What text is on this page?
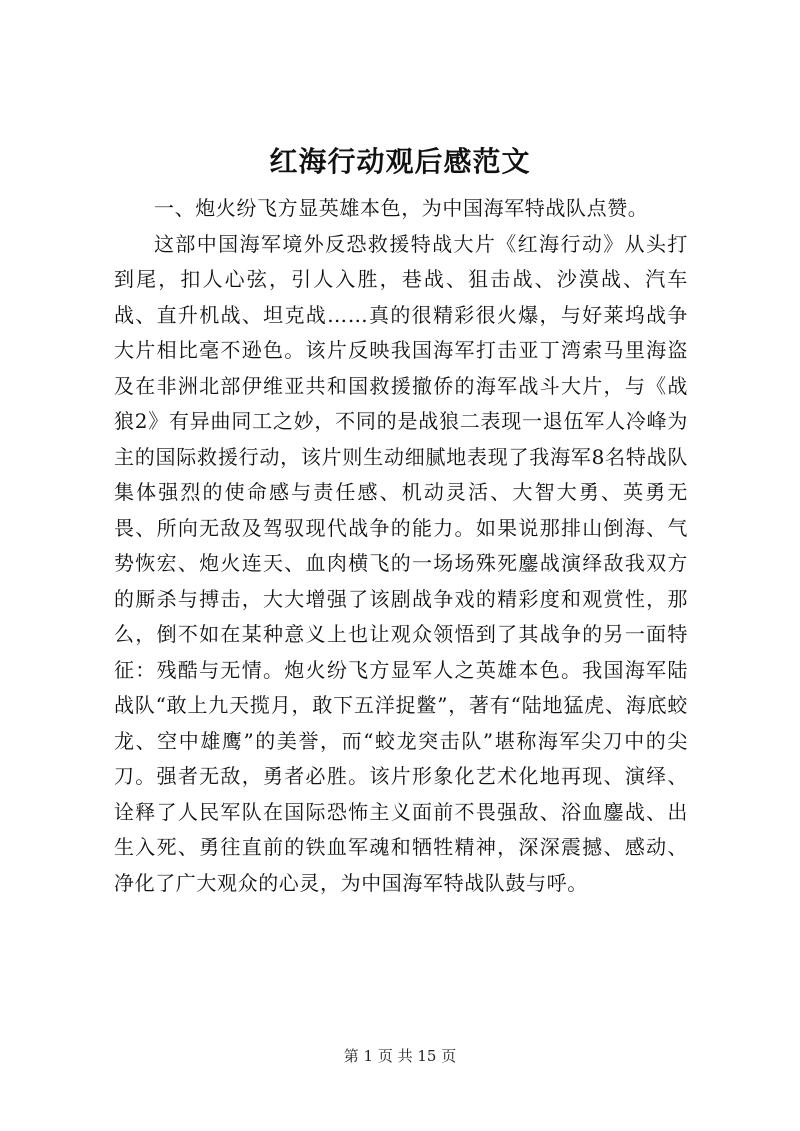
红海行动观后感范文

一、炮火纷飞方显英雄本色，为中国海军特战队点赞。

这部中国海军境外反恐救援特战大片《红海行动》从头打到尾，扣人心弦，引人入胜，巷战、狙击战、沙漠战、汽车战、直升机战、坦克战……真的很精彩很火爆，与好莱坞战争大片相比毫不逊色。该片反映我国海军打击亚丁湾索马里海盗及在非洲北部伊维亚共和国救援撤侨的海军战斗大片，与《战狼2》有异曲同工之妙，不同的是战狼二表现一退伍军人冷峰为主的国际救援行动，该片则生动细腻地表现了我海军8名特战队集体强烈的使命感与责任感、机动灵活、大智大勇、英勇无畏、所向无敌及驾驭现代战争的能力。如果说那排山倒海、气势恢宏、炮火连天、血肉横飞的一场场殊死鏖战演绎敌我双方的厮杀与搏击，大大增强了该剧战争戏的精彩度和观赏性，那么，倒不如在某种意义上也让观众领悟到了其战争的另一面特征：残酷与无情。炮火纷飞方显军人之英雄本色。我国海军陆战队“敢上九天揽月，敢下五洋捉鳖”，著有“陆地猛虎、海底蛟龙、空中雄鹰”的美誉，而“蛟龙突击队”堪称海军尖刀中的尖刀。强者无敌，勇者必胜。该片形象化艺术化地再现、演绎、诠释了人民军队在国际恐怖主义面前不畏强敌、浴血鏖战、出生入死、勇往直前的铁血军魂和牺牲精神，深深震撼、感动、净化了广大观众的心灵，为中国海军特战队鼓与呼。

第 1 页 共 15 页
